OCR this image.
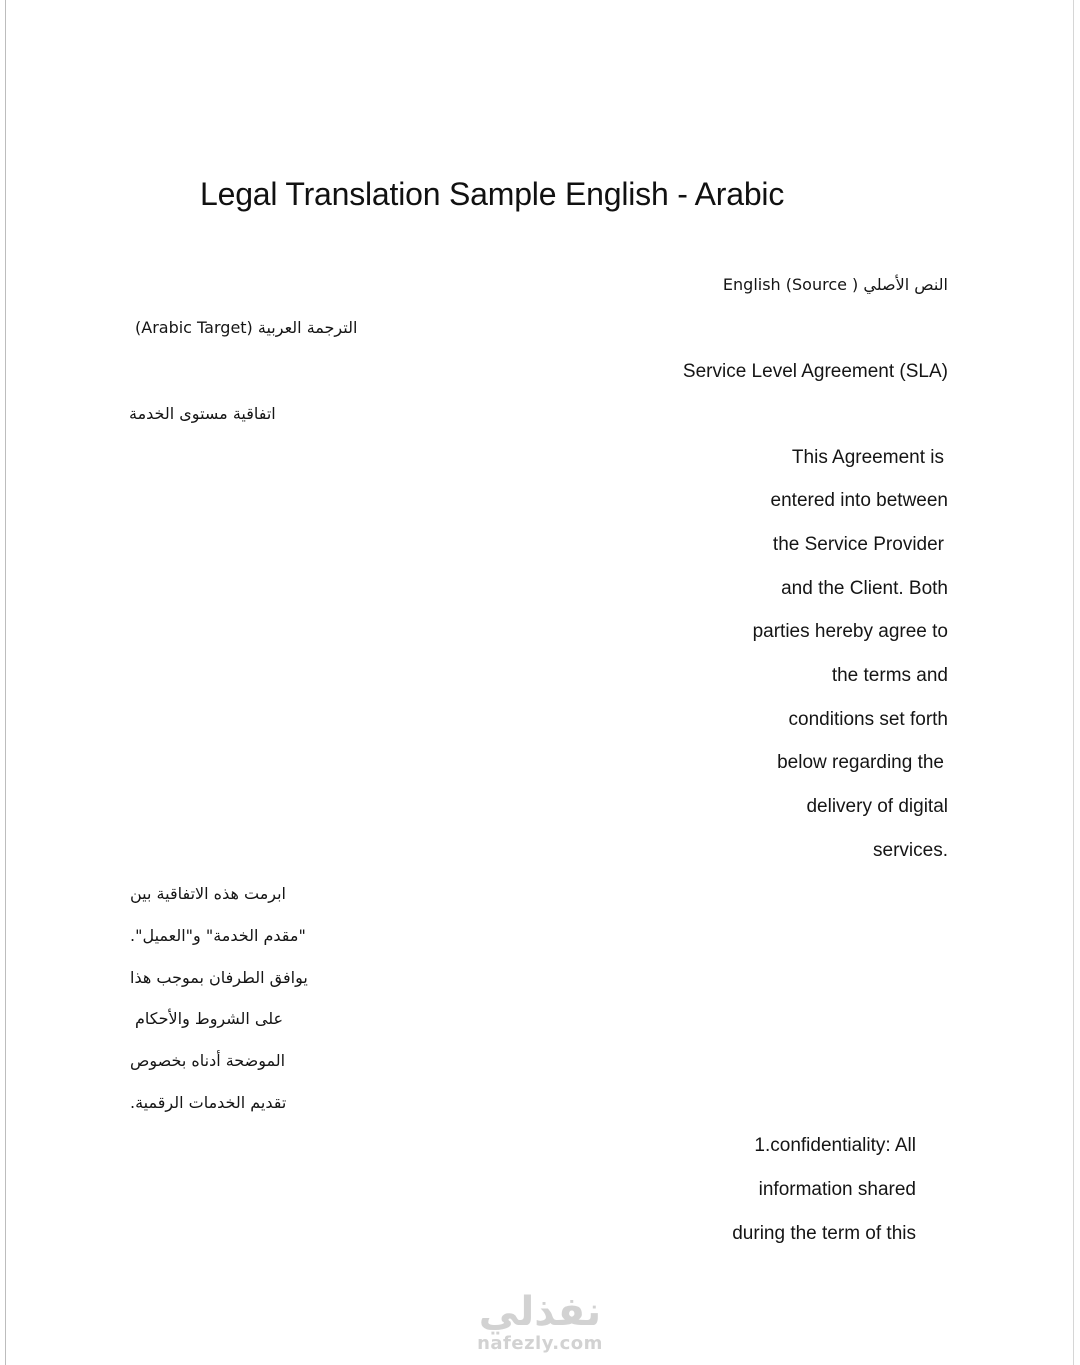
Legal Translation Sample English - Arabic
English (Source ) النص الأصلي
(Arabic Target) الترجمة العربية
Service Level Agreement (SLA)
اتفاقية مستوى الخدمة
This Agreement is
entered into between
the Service Provider
and the Client. Both
parties hereby agree to
the terms and
conditions set forth
below regarding the
delivery of digital
services.
ابرمت هذه الاتفاقية بين
"مقدم الخدمة" و"العميل".
يوافق الطرفان بموجب هذا
على الشروط والأحكام
الموضحة أدناه بخصوص
تقديم الخدمات الرقمية.
1.confidentiality: All
information shared
during the term of this
نفذلي
nafezly.com
